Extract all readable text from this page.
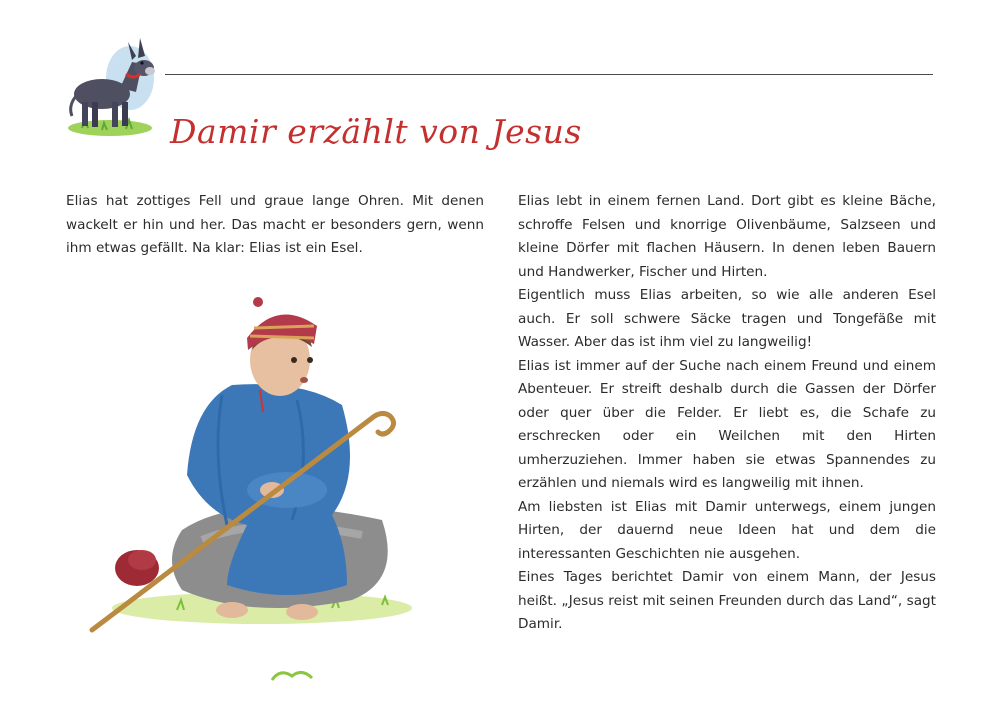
Damir erzählt von Jesus

Elias hat zottiges Fell und graue lange Ohren. Mit denen wackelt er hin und her. Das macht er besonders gern, wenn ihm etwas gefällt. Na klar: Elias ist ein Esel.

Elias lebt in einem fernen Land. Dort gibt es kleine Bäche, schroffe Felsen und knorrige Olivenbäume, Salzseen und kleine Dörfer mit flachen Häusern. In denen leben Bauern und Handwerker, Fischer und Hirten.

Eigentlich muss Elias arbeiten, so wie alle anderen Esel auch. Er soll schwere Säcke tragen und Tongefäße mit Wasser. Aber das ist ihm viel zu langweilig!

Elias ist immer auf der Suche nach einem Freund und einem Abenteuer. Er streift deshalb durch die Gassen der Dörfer oder quer über die Felder. Er liebt es, die Schafe zu erschrecken oder ein Weilchen mit den Hirten umherzuziehen. Immer haben sie etwas Spannendes zu erzählen und niemals wird es langweilig mit ihnen.

Am liebsten ist Elias mit Damir unterwegs, einem jungen Hirten, der dauernd neue Ideen hat und dem die interessanten Geschichten nie ausgehen.

Eines Tages berichtet Damir von einem Mann, der Jesus heißt. „Jesus reist mit seinen Freunden durch das Land“, sagt Damir.
